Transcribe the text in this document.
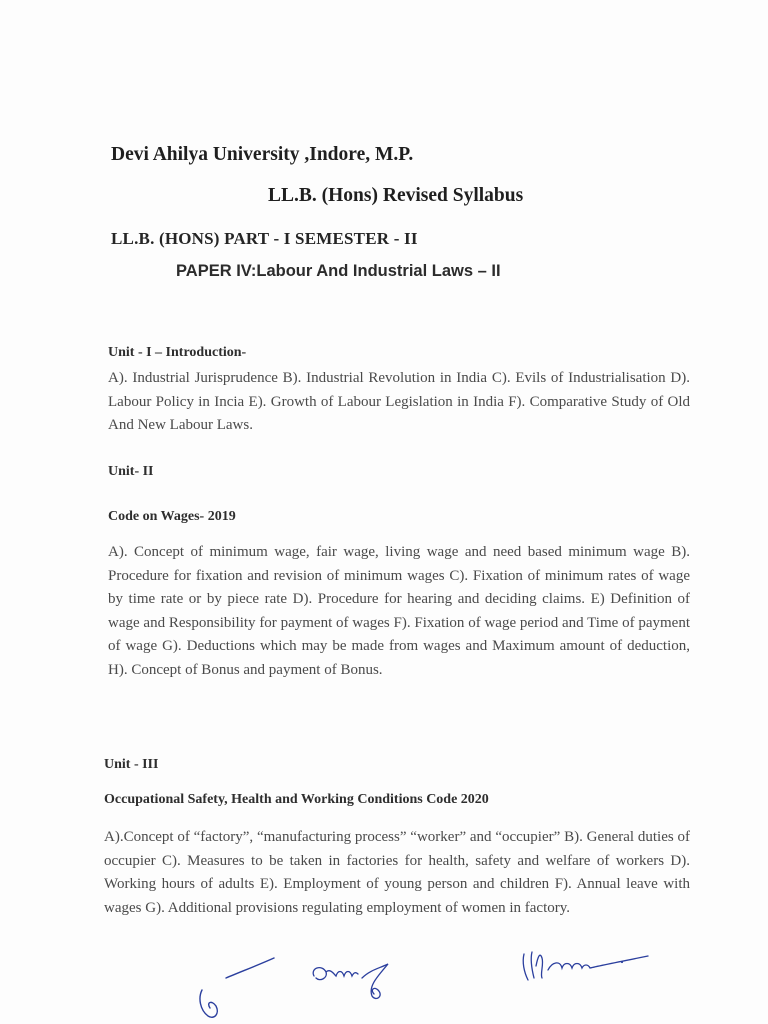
Devi Ahilya University ,Indore, M.P.
LL.B. (Hons) Revised Syllabus
LL.B. (HONS) PART - I SEMESTER - II
PAPER IV:Labour And Industrial Laws – II
Unit - I – Introduction-
A). Industrial Jurisprudence B). Industrial Revolution in India C). Evils of Industrialisation D). Labour Policy in Incia E). Growth of Labour Legislation in India F). Comparative Study of Old And New Labour Laws.
Unit- II
Code on Wages- 2019
A). Concept of minimum wage, fair wage, living wage and need based minimum wage B). Procedure for fixation and revision of minimum wages C). Fixation of minimum rates of wage by time rate or by piece rate D). Procedure for hearing and deciding claims. E) Definition of wage and Responsibility for payment of wages F). Fixation of wage period and Time of payment of wage G). Deductions which may be made from wages and Maximum amount of deduction, H). Concept of Bonus and payment of Bonus.
Unit - III
Occupational Safety, Health and Working Conditions Code 2020
A).Concept of “factory”, “manufacturing process” “worker” and “occupier” B). General duties of occupier C). Measures to be taken in factories for health, safety and welfare of workers D). Working hours of adults E). Employment of young person and children F). Annual leave with wages G). Additional provisions regulating employment of women in factory.
